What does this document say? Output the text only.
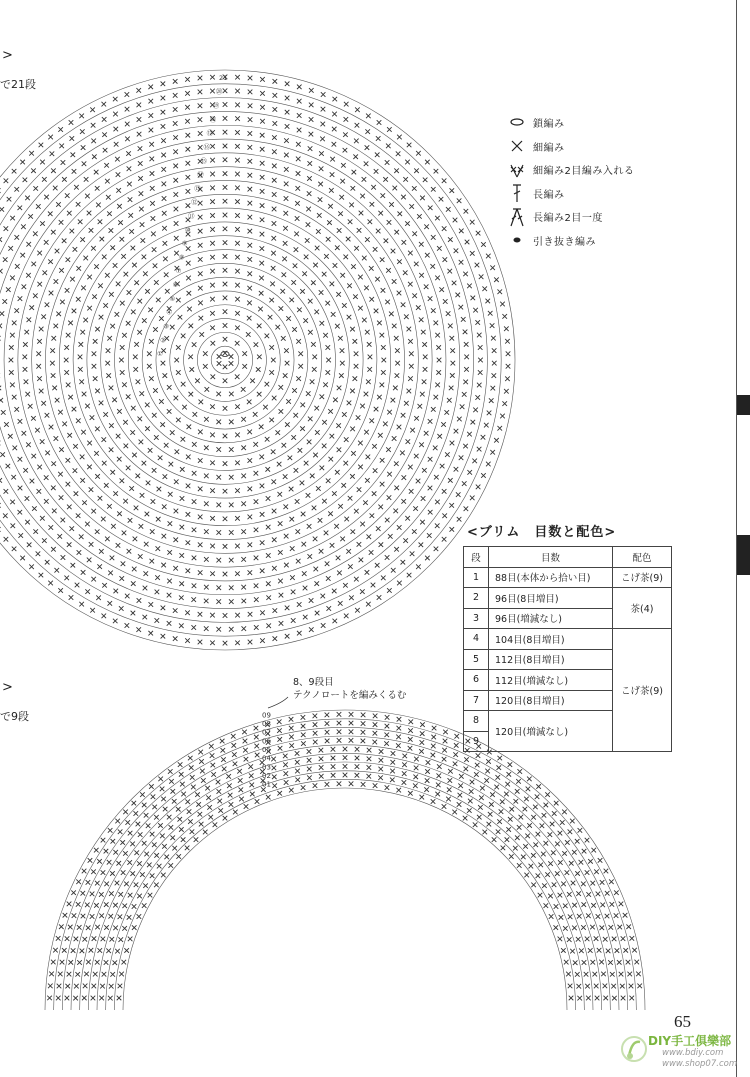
①
②
③
④
⑤
⑥
⑦
⑧
⑨
⑩
⑪
⑫
⑬
⑭
⑮
⑯
⑰
⑱
⑲
⑳
21
01
02
03
04
05
06
07
08
09
>
で21段
>
で9段
鎖編み
細編み
細編み2目編み入れる
長編み
長編み2目一度
引き抜き編み
<ブリム　目数と配色>
段	目数	配色
1	88目(本体から拾い目)	こげ茶(9)
2	96目(8目増目)	茶(4)
3	96目(増減なし)	
4	104目(8目増目)	こげ茶(9)
5	112目(8目増目)	
6	112目(増減なし)	
7	120目(8目増目)	
8	120目(増減なし)	
9		
8、9段目
テクノロートを編みくるむ
65
DIY手工俱樂部
www.bdiy.com
www.shop07.com
